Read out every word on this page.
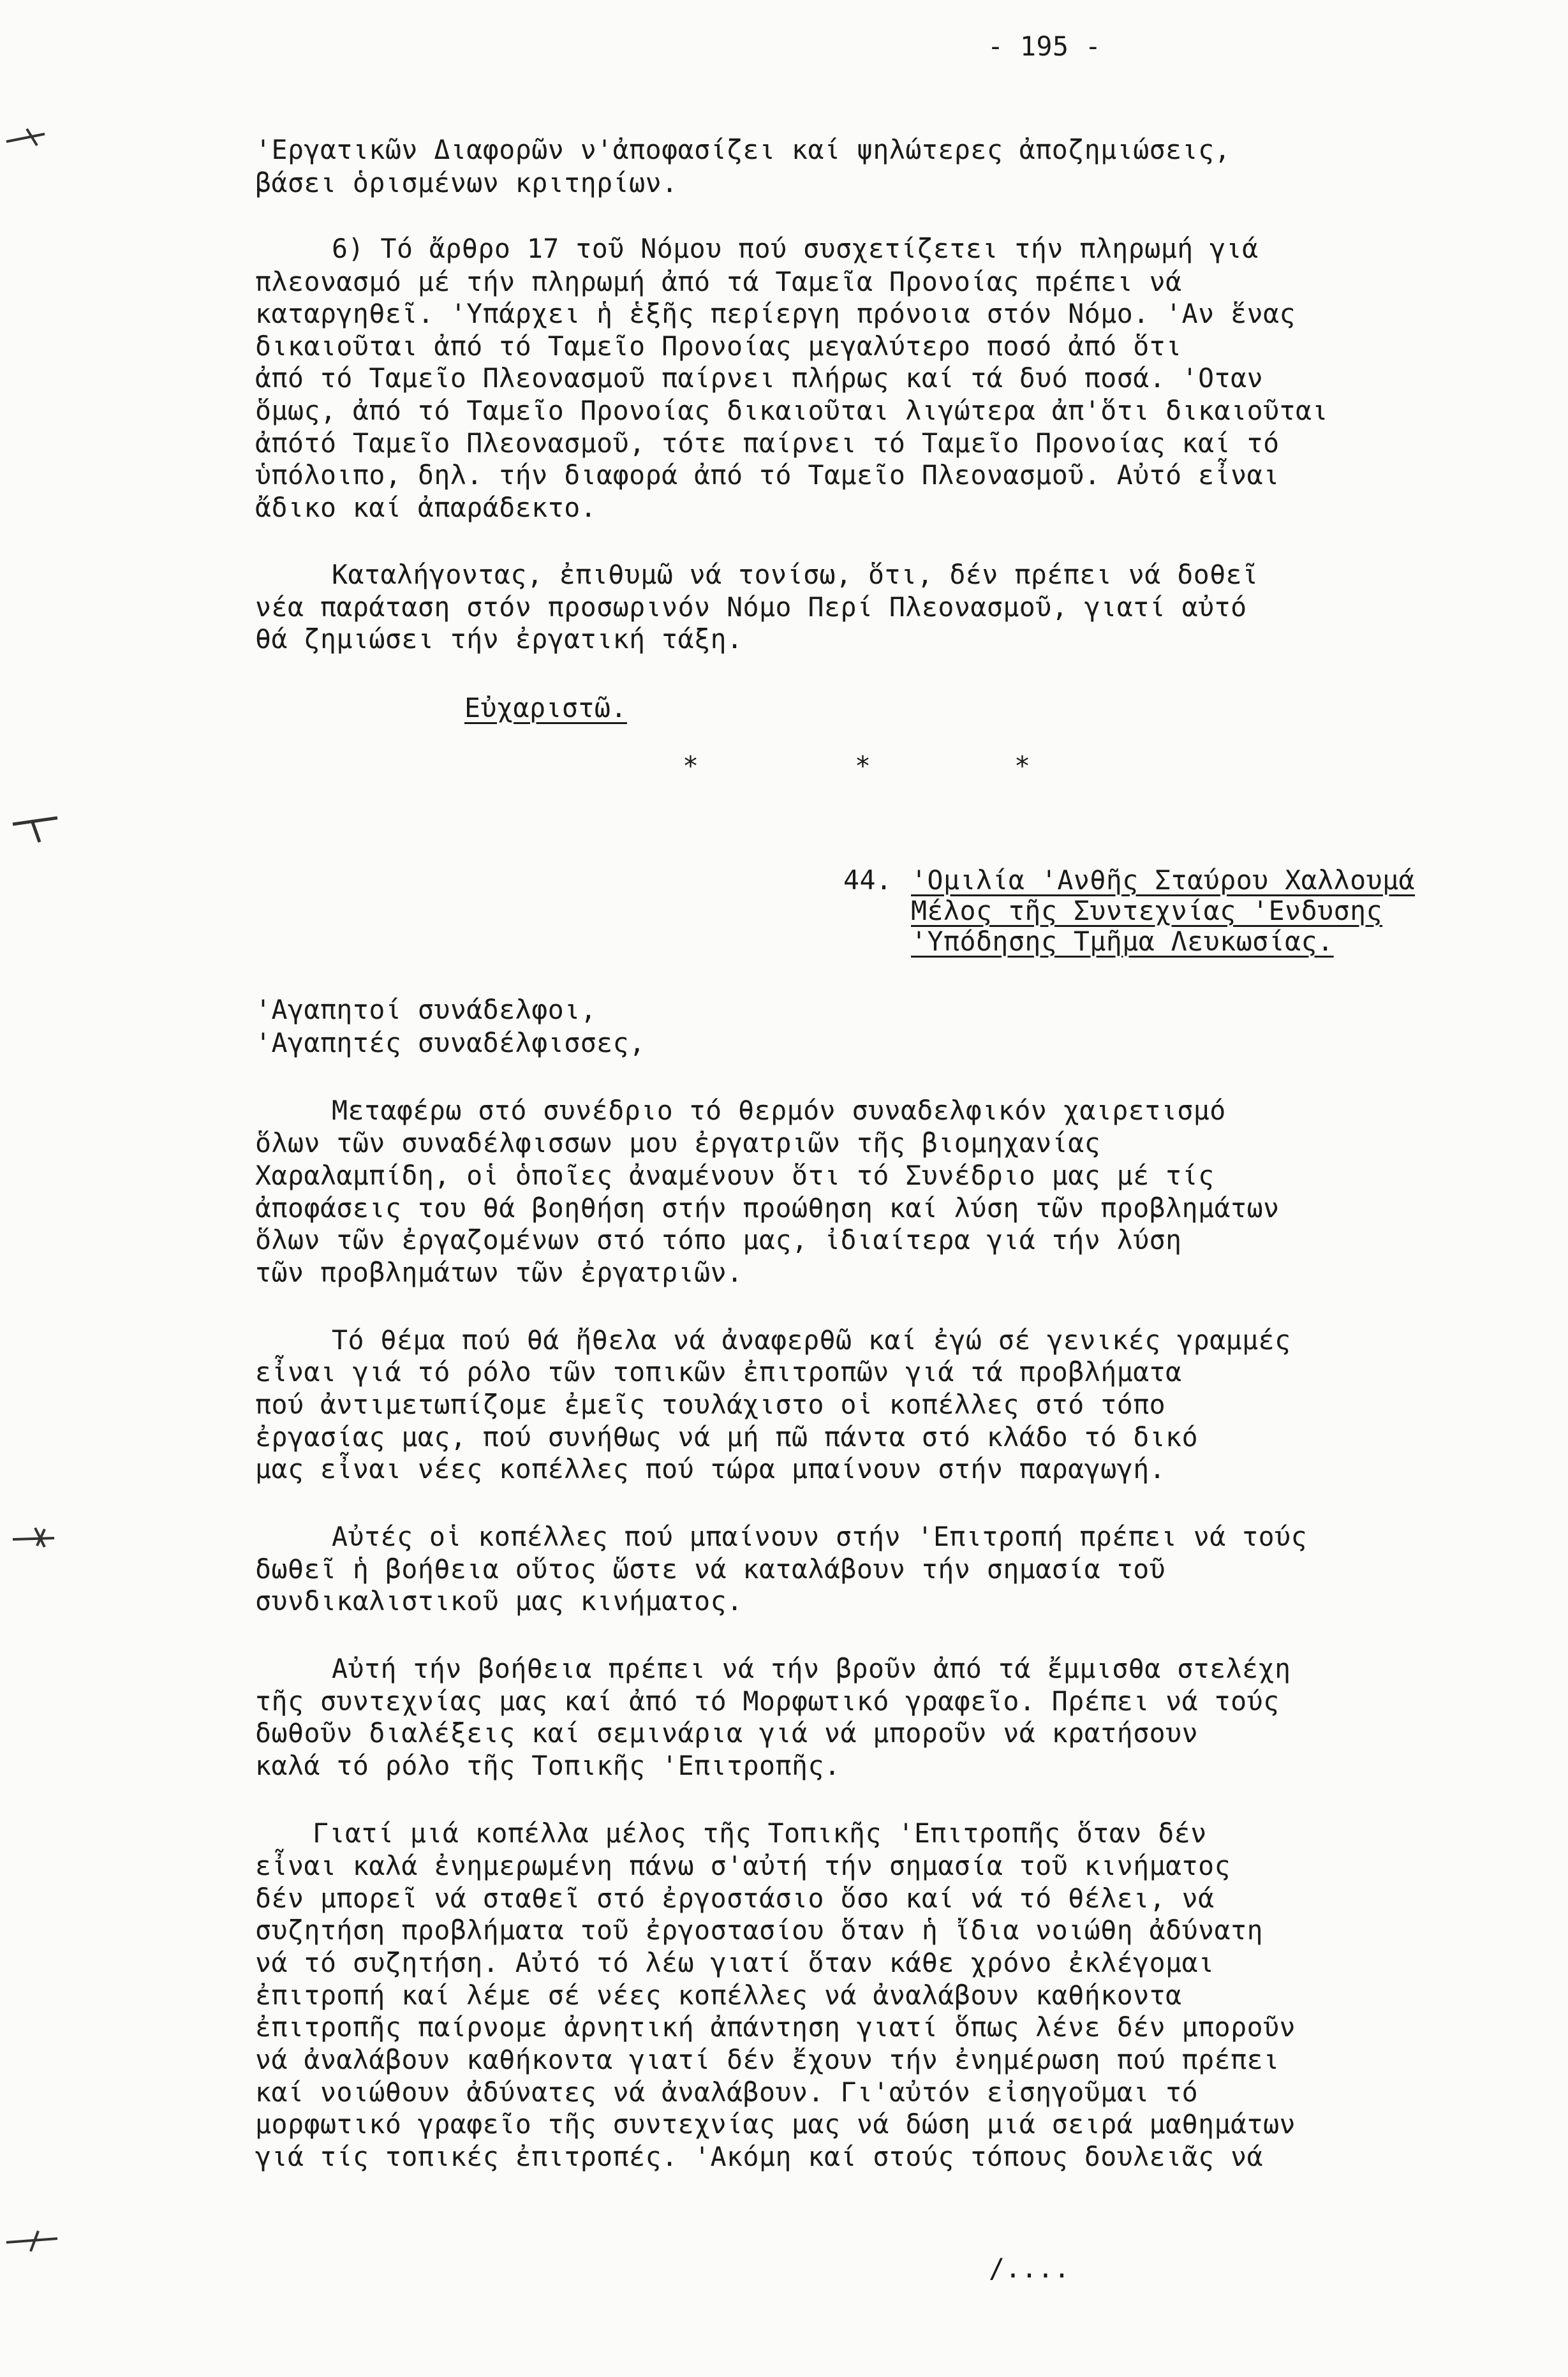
- 195 -
'Εργατικῶν Διαφορῶν ν'ἀποφασίζει καί ψηλώτερες ἀποζημιώσεις,
βάσει ὁρισμένων κριτηρίων.
6) Τό ἄρθρο 17 τοῦ Νόμου πού συσχετίζετει τήν πληρωμή γιά
πλεονασμό μέ τήν πληρωμή ἀπό τά Ταμεῖα Προνοίας πρέπει νά
καταργηθεῖ. 'Υπάρχει ἡ ἑξῆς περίεργη πρόνοια στόν Νόμο. 'Αν ἕνας
δικαιοῦται ἀπό τό Ταμεῖο Προνοίας μεγαλύτερο ποσό ἀπό ὅτι
ἀπό τό Ταμεῖο Πλεονασμοῦ παίρνει πλήρως καί τά δυό ποσά. 'Οταν
ὅμως, ἀπό τό Ταμεῖο Προνοίας δικαιοῦται λιγώτερα ἀπ'ὅτι δικαιοῦται
ἀπότό Ταμεῖο Πλεονασμοῦ, τότε παίρνει τό Ταμεῖο Προνοίας καί τό
ὑπόλοιπο, δηλ. τήν διαφορά ἀπό τό Ταμεῖο Πλεονασμοῦ. Αὐτό εἶναι
ἄδικο καί ἀπαράδεκτο.
Καταλήγοντας, ἐπιθυμῶ νά τονίσω, ὅτι, δέν πρέπει νά δοθεῖ
νέα παράταση στόν προσωρινόν Νόμο Περί Πλεονασμοῦ, γιατί αὐτό
θά ζημιώσει τήν ἐργατική τάξη.
Εὐχαριστῶ.
*	*	*
44. 'Ομιλία 'Ανθῆς Σταύρου Χαλλουμά
Μέλος τῆς Συντεχνίας 'Ενδυσης
'Υπόδησης Τμῆμα Λευκωσίας.
'Αγαπητοί συνάδελφοι,
'Αγαπητές συναδέλφισσες,
Μεταφέρω στό συνέδριο τό θερμόν συναδελφικόν χαιρετισμό
ὅλων τῶν συναδέλφισσων μου ἐργατριῶν τῆς βιομηχανίας
Χαραλαμπίδη, οἱ ὁποῖες ἀναμένουν ὅτι τό Συνέδριο μας μέ τίς
ἀποφάσεις του θά βοηθήση στήν προώθηση καί λύση τῶν προβλημάτων
ὅλων τῶν ἐργαζομένων στό τόπο μας, ἰδιαίτερα γιά τήν λύση
τῶν προβλημάτων τῶν ἐργατριῶν.
Τό θέμα πού θά ἤθελα νά ἀναφερθῶ καί ἐγώ σέ γενικές γραμμές
εἶναι γιά τό ρόλο τῶν τοπικῶν ἐπιτροπῶν γιά τά προβλήματα
πού ἀντιμετωπίζομε ἐμεῖς τουλάχιστο οἱ κοπέλλες στό τόπο
ἐργασίας μας, πού συνήθως νά μή πῶ πάντα στό κλάδο τό δικό
μας εἶναι νέες κοπέλλες πού τώρα μπαίνουν στήν παραγωγή.
Αὐτές οἱ κοπέλλες πού μπαίνουν στήν 'Επιτροπή πρέπει νά τούς
δωθεῖ ἡ βοήθεια οὕτος ὥστε νά καταλάβουν τήν σημασία τοῦ
συνδικαλιστικοῦ μας κινήματος.
Αὐτή τήν βοήθεια πρέπει νά τήν βροῦν ἀπό τά ἔμμισθα στελέχη
τῆς συντεχνίας μας καί ἀπό τό Μορφωτικό γραφεῖο. Πρέπει νά τούς
δωθοῦν διαλέξεις καί σεμινάρια γιά νά μποροῦν νά κρατήσουν
καλά τό ρόλο τῆς Τοπικῆς 'Επιτροπῆς.
Γιατί μιά κοπέλλα μέλος τῆς Τοπικῆς 'Επιτροπῆς ὅταν δέν
εἶναι καλά ἐνημερωμένη πάνω σ'αὐτή τήν σημασία τοῦ κινήματος
δέν μπορεῖ νά σταθεῖ στό ἐργοστάσιο ὅσο καί νά τό θέλει, νά
συζητήση προβλήματα τοῦ ἐργοστασίου ὅταν ἡ ἴδια νοιώθη ἀδύνατη
νά τό συζητήση. Αὐτό τό λέω γιατί ὅταν κάθε χρόνο ἐκλέγομαι
ἐπιτροπή καί λέμε σέ νέες κοπέλλες νά ἀναλάβουν καθήκοντα
ἐπιτροπῆς παίρνομε ἀρνητική ἀπάντηση γιατί ὅπως λένε δέν μποροῦν
νά ἀναλάβουν καθήκοντα γιατί δέν ἔχουν τήν ἐνημέρωση πού πρέπει
καί νοιώθουν ἀδύνατες νά ἀναλάβουν. Γι'αὐτόν εἰσηγοῦμαι τό
μορφωτικό γραφεῖο τῆς συντεχνίας μας νά δώση μιά σειρά μαθημάτων
γιά τίς τοπικές ἐπιτροπές. 'Ακόμη καί στούς τόπους δουλειᾶς νά
/....
